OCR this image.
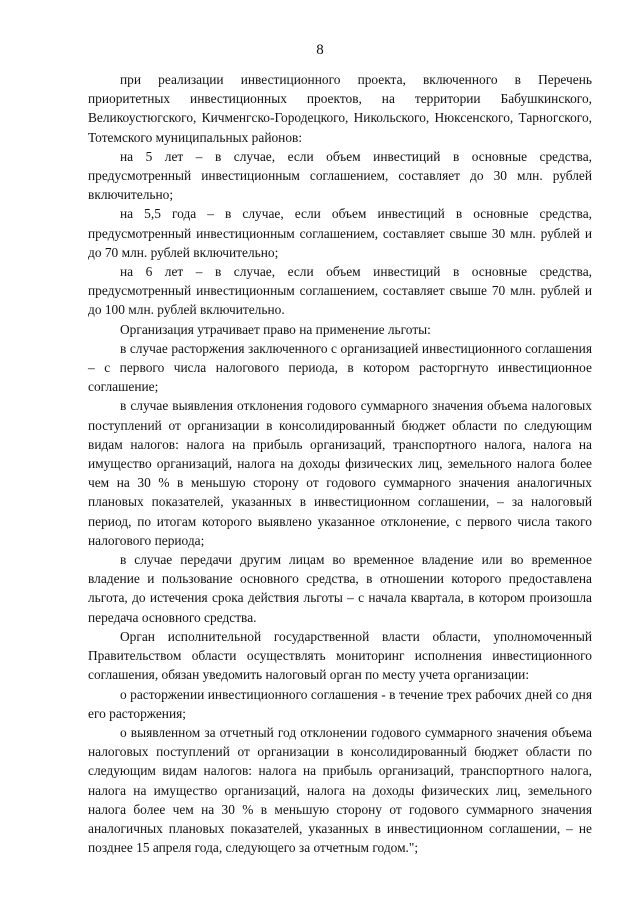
8

при реализации инвестиционного проекта, включенного в Перечень приоритетных инвестиционных проектов, на территории Бабушкинского, Великоустюгского, Кичменгско-Городецкого, Никольского, Нюксенского, Тарногского, Тотемского муниципальных районов:

на 5 лет – в случае, если объем инвестиций в основные средства, предусмотренный инвестиционным соглашением, составляет до 30 млн. рублей включительно;

на 5,5 года – в случае, если объем инвестиций в основные средства, предусмотренный инвестиционным соглашением, составляет свыше 30 млн. рублей и до 70 млн. рублей включительно;

на 6 лет – в случае, если объем инвестиций в основные средства, предусмотренный инвестиционным соглашением, составляет свыше 70 млн. рублей и до 100 млн. рублей включительно.

Организация утрачивает право на применение льготы:

в случае расторжения заключенного с организацией инвестиционного соглашения – с первого числа налогового периода, в котором расторгнуто инвестиционное соглашение;

в случае выявления отклонения годового суммарного значения объема налоговых поступлений от организации в консолидированный бюджет области по следующим видам налогов: налога на прибыль организаций, транспортного налога, налога на имущество организаций, налога на доходы физических лиц, земельного налога более чем на 30 % в меньшую сторону от годового суммарного значения аналогичных плановых показателей, указанных в инвестиционном соглашении, – за налоговый период, по итогам которого выявлено указанное отклонение, с первого числа такого налогового периода;

в случае передачи другим лицам во временное владение или во временное владение и пользование основного средства, в отношении которого предоставлена льгота, до истечения срока действия льготы – с начала квартала, в котором произошла передача основного средства.

Орган исполнительной государственной власти области, уполномоченный Правительством области осуществлять мониторинг исполнения инвестиционного соглашения, обязан уведомить налоговый орган по месту учета организации:

о расторжении инвестиционного соглашения - в течение трех рабочих дней со дня его расторжения;

о выявленном за отчетный год отклонении годового суммарного значения объема налоговых поступлений от организации в консолидированный бюджет области по следующим видам налогов: налога на прибыль организаций, транспортного налога, налога на имущество организаций, налога на доходы физических лиц, земельного налога более чем на 30 % в меньшую сторону от годового суммарного значения аналогичных плановых показателей, указанных в инвестиционном соглашении, – не позднее 15 апреля года, следующего за отчетным годом.";
